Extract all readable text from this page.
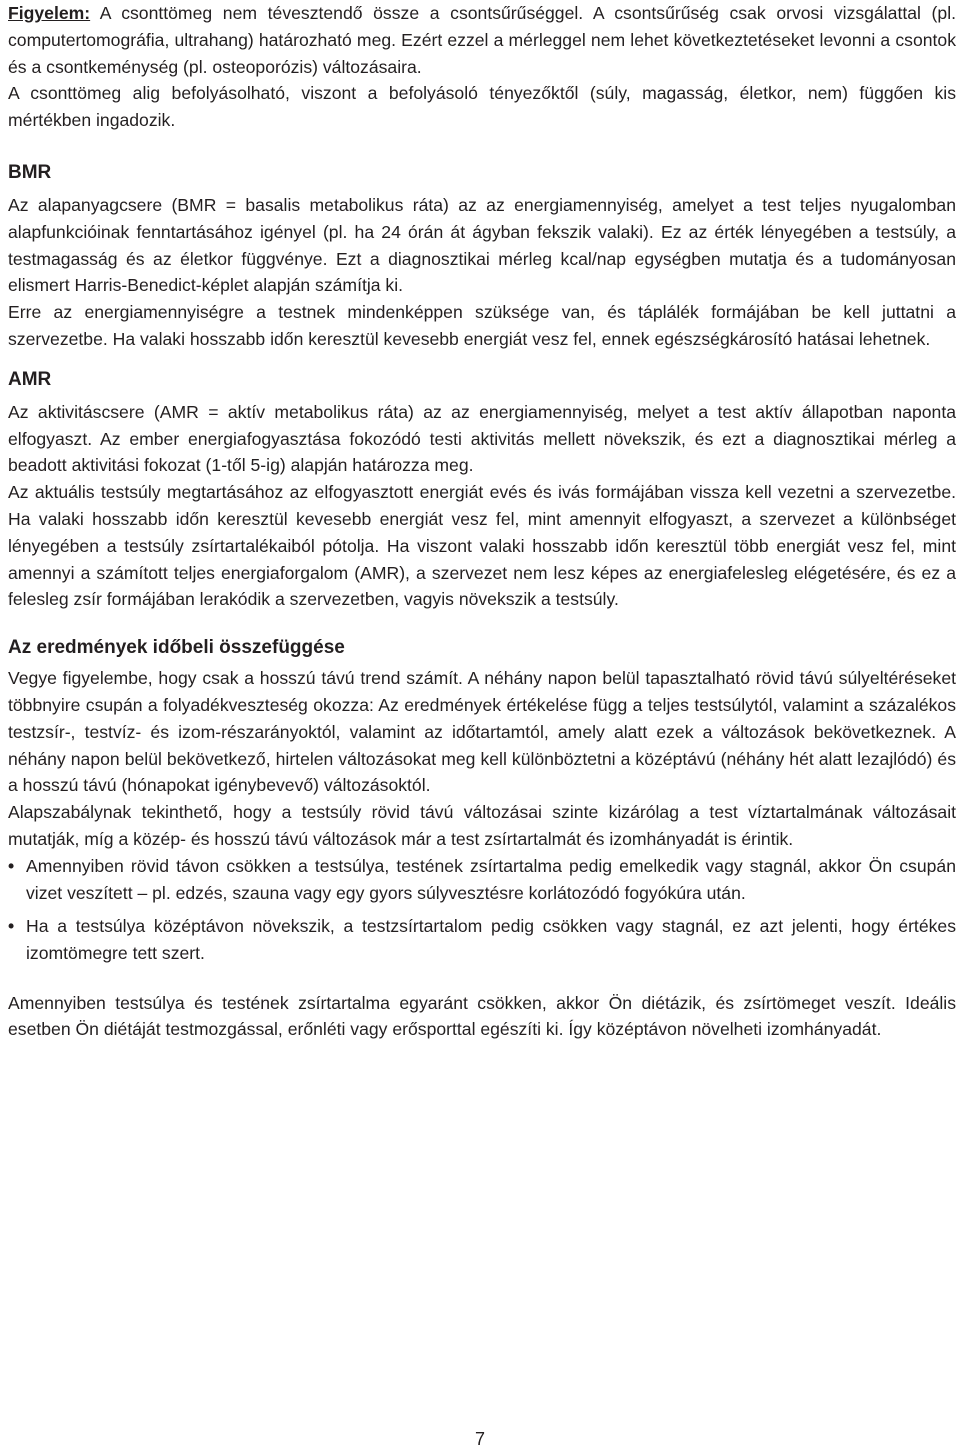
Figyelem: A csonttömeg nem tévesztendő össze a csontsűrűséggel. A csontsűrűség csak orvosi vizsgálattal (pl. computertomográfia, ultrahang) határozható meg. Ezért ezzel a mérleggel nem lehet következtetéseket levonni a csontok és a csontkeménység (pl. osteoporózis) változásaira.

A csonttömeg alig befolyásolható, viszont a befolyásoló tényezőktől (súly, magasság, életkor, nem) függően kis mértékben ingadozik.

BMR

Az alapanyagcsere (BMR = basalis metabolikus ráta) az az energiamennyiség, amelyet a test teljes nyugalomban alapfunkcióinak fenntartásához igényel (pl. ha 24 órán át ágyban fekszik valaki). Ez az érték lényegében a testsúly, a testmagasság és az életkor függvénye. Ezt a diagnosztikai mérleg kcal/nap egységben mutatja és a tudományosan elismert Harris-Benedict-képlet alapján számítja ki.

Erre az energiamennyiségre a testnek mindenképpen szüksége van, és táplálék formájában be kell juttatni a szervezetbe. Ha valaki hosszabb időn keresztül kevesebb energiát vesz fel, ennek egészségkárosító hatásai lehetnek.

AMR

Az aktivitáscsere (AMR = aktív metabolikus ráta) az az energiamennyiség, melyet a test aktív állapotban naponta elfogyaszt. Az ember energiafogyasztása fokozódó testi aktivitás mellett növekszik, és ezt a diagnosztikai mérleg a beadott aktivitási fokozat (1-től 5-ig) alapján határozza meg.

Az aktuális testsúly megtartásához az elfogyasztott energiát evés és ivás formájában vissza kell vezetni a szervezetbe. Ha valaki hosszabb időn keresztül kevesebb energiát vesz fel, mint amennyit elfogyaszt, a szervezet a különbséget lényegében a testsúly zsírtartalékaiból pótolja. Ha viszont valaki hosszabb időn keresztül több energiát vesz fel, mint amennyi a számított teljes energiaforgalom (AMR), a szervezet nem lesz képes az energiafelesleg elégetésére, és ez a felesleg zsír formájában lerakódik a szervezetben, vagyis növekszik a testsúly.

Az eredmények időbeli összefüggése

Vegye figyelembe, hogy csak a hosszú távú trend számít. A néhány napon belül tapasztalható rövid távú súlyeltéréseket többnyire csupán a folyadékveszteség okozza: Az eredmények értékelése függ a teljes testsúlytól, valamint a százalékos testzsír-, testvíz- és izom-részarányoktól, valamint az időtartamtól, amely alatt ezek a változások bekövetkeznek. A néhány napon belül bekövetkező, hirtelen változásokat meg kell különböztetni a középtávú (néhány hét alatt lezajlódó) és a hosszú távú (hónapokat igénybevevő) változásoktól.

Alapszabálynak tekinthető, hogy a testsúly rövid távú változásai szinte kizárólag a test víztartalmának változásait mutatják, míg a közép- és hosszú távú változások már a test zsírtartalmát és izomhányadát is érintik.

• Amennyiben rövid távon csökken a testsúlya, testének zsírtartalma pedig emelkedik vagy stagnál, akkor Ön csupán vizet veszített – pl. edzés, szauna vagy egy gyors súlyvesztésre korlátozódó fogyókúra után.
• Ha a testsúlya középtávon növekszik, a testzsírtartalom pedig csökken vagy stagnál, ez azt jelenti, hogy értékes izomtömegre tett szert.

Amennyiben testsúlya és testének zsírtartalma egyaránt csökken, akkor Ön diétázik, és zsírtömeget veszít. Ideális esetben Ön diétáját testmozgással, erőnléti vagy erősporttal egészíti ki. Így középtávon növelheti izomhányadát.

7
